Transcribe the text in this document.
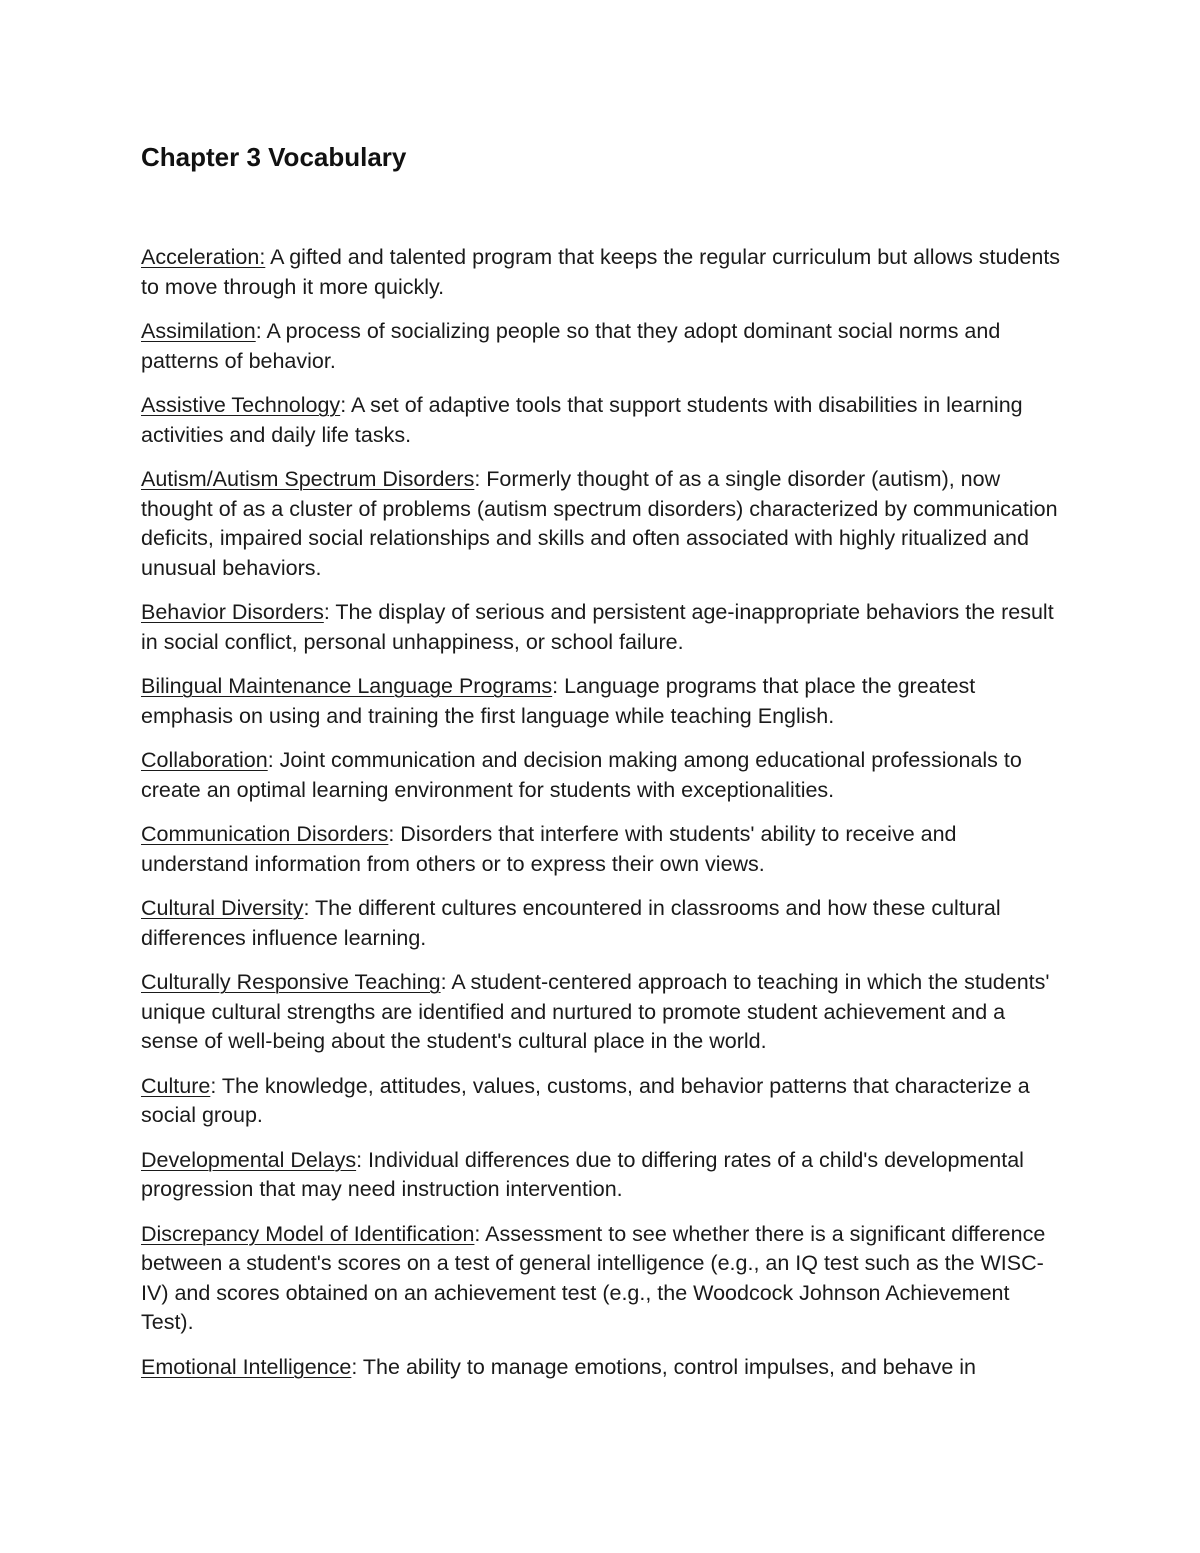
Chapter 3 Vocabulary

Acceleration: A gifted and talented program that keeps the regular curriculum but allows students to move through it more quickly.

Assimilation: A process of socializing people so that they adopt dominant social norms and patterns of behavior.

Assistive Technology: A set of adaptive tools that support students with disabilities in learning activities and daily life tasks.

Autism/Autism Spectrum Disorders: Formerly thought of as a single disorder (autism), now thought of as a cluster of problems (autism spectrum disorders) characterized by communication deficits, impaired social relationships and skills and often associated with highly ritualized and unusual behaviors.

Behavior Disorders: The display of serious and persistent age-inappropriate behaviors the result in social conflict, personal unhappiness, or school failure.

Bilingual Maintenance Language Programs: Language programs that place the greatest emphasis on using and training the first language while teaching English.

Collaboration: Joint communication and decision making among educational professionals to create an optimal learning environment for students with exceptionalities.

Communication Disorders: Disorders that interfere with students' ability to receive and understand information from others or to express their own views.

Cultural Diversity: The different cultures encountered in classrooms and how these cultural differences influence learning.

Culturally Responsive Teaching: A student-centered approach to teaching in which the students' unique cultural strengths are identified and nurtured to promote student achievement and a sense of well-being about the student's cultural place in the world.

Culture: The knowledge, attitudes, values, customs, and behavior patterns that characterize a social group.

Developmental Delays: Individual differences due to differing rates of a child's developmental progression that may need instruction intervention.

Discrepancy Model of Identification: Assessment to see whether there is a significant difference between a student's scores on a test of general intelligence (e.g., an IQ test such as the WISC-IV) and scores obtained on an achievement test (e.g., the Woodcock Johnson Achievement Test).

Emotional Intelligence: The ability to manage emotions, control impulses, and behave in
